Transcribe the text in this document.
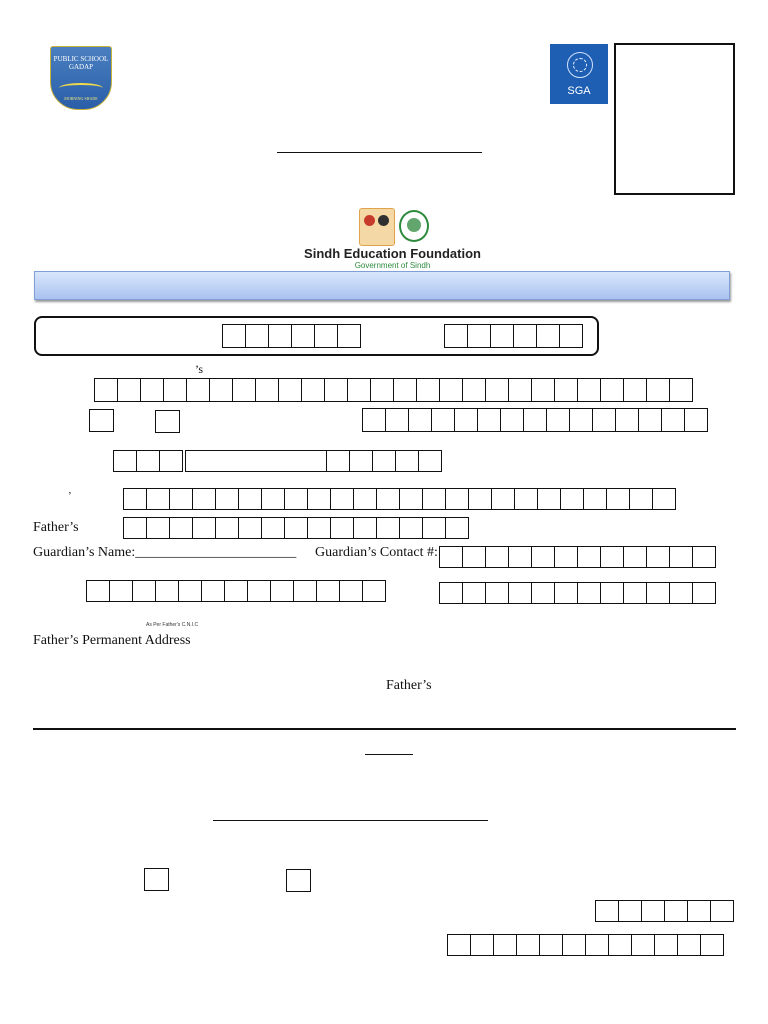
PUBLIC SCHOOL
GADAP
MORNING SHADE
SGA
Sindh Education Foundation
Government of Sindh
’s
’
Father’s
Guardian’s Name:_______________________ Guardian’s Contact #:
As Per Father's C.N.I.C
Father’s Permanent Address
Father’s
